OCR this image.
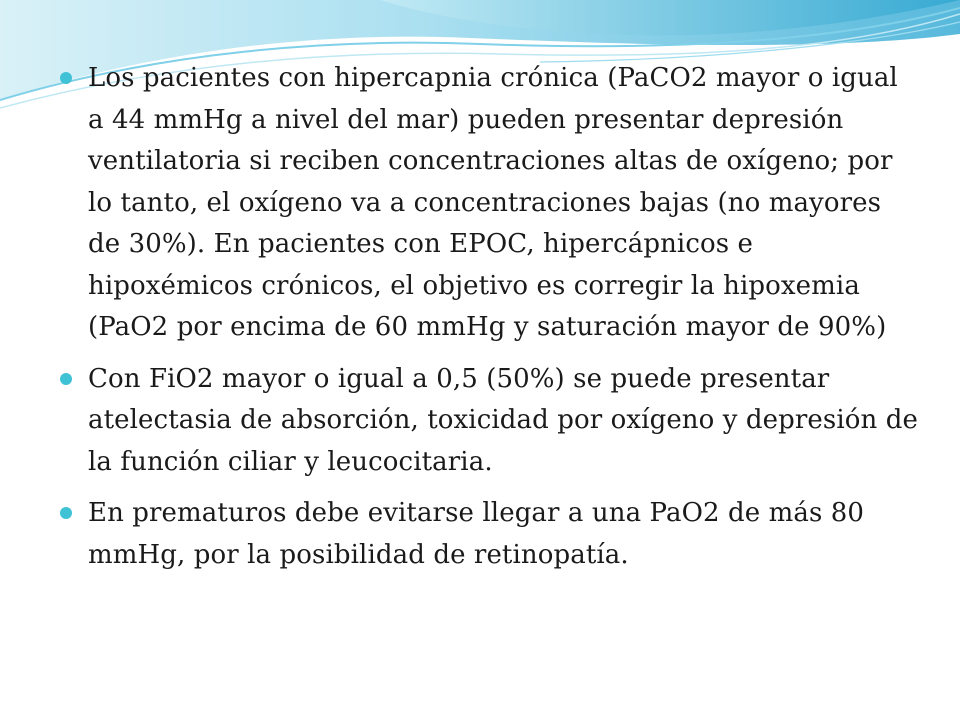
Los pacientes con hipercapnia crónica (PaCO2 mayor o igual a 44 mmHg a nivel del mar) pueden presentar depresión ventilatoria si reciben concentraciones altas de oxígeno; por lo tanto, el oxígeno va a concentraciones bajas (no mayores de 30%). En pacientes con EPOC, hipercápnicos e hipoxémicos crónicos, el objetivo es corregir la hipoxemia (PaO2 por encima de 60 mmHg y saturación mayor de 90%)
Con FiO2 mayor o igual a 0,5 (50%) se puede presentar atelectasia de absorción, toxicidad por oxígeno y depresión de la función ciliar y leucocitaria.
En prematuros debe evitarse llegar a una PaO2 de más 80 mmHg, por la posibilidad de retinopatía.
